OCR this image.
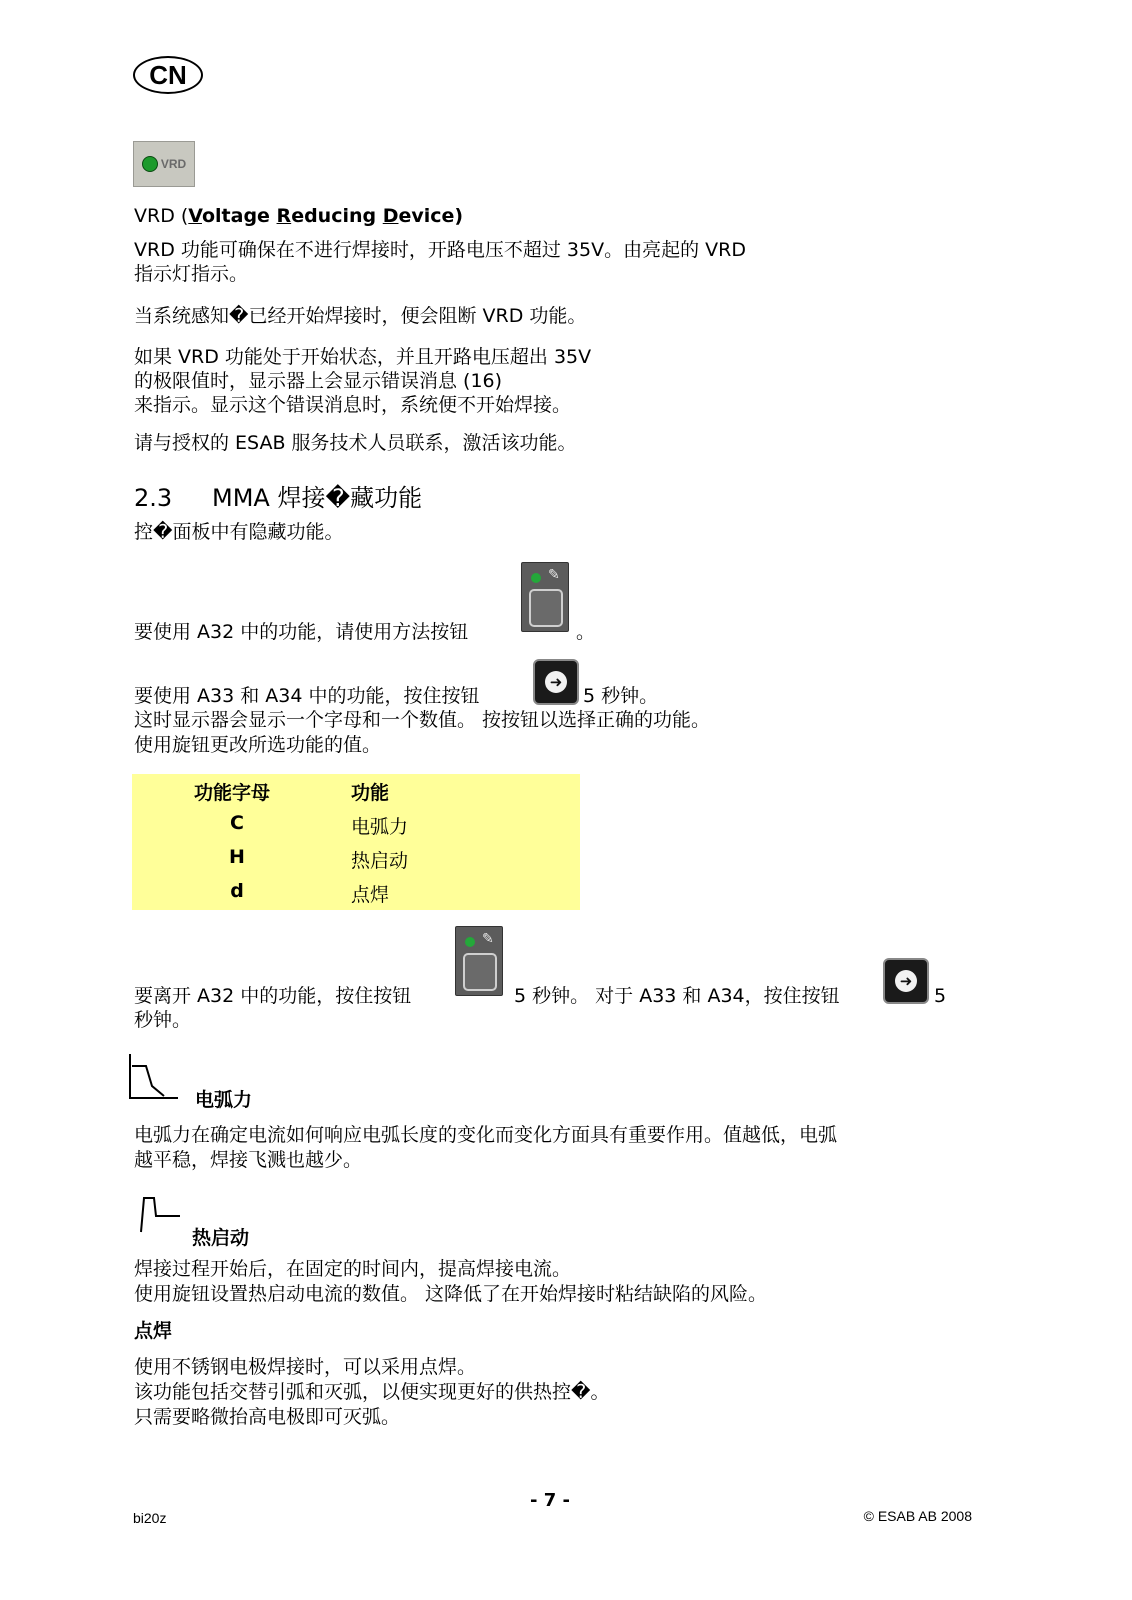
CN
VRD
VRD (Voltage Reducing Device)
VRD 功能可确保在不进行焊接时，开路电压不超过 35V。由亮起的 VRD
指示灯指示。
当系统感知�已经开始焊接时，便会阻断 VRD 功能。
如果 VRD 功能处于开始状态，并且开路电压超出 35V
的极限值时，显示器上会显示错误消息 (16)
来指示。显示这个错误消息时，系统便不开始焊接。
请与授权的 ESAB 服务技术人员联系，激活该功能。
2.3 MMA 焊接�藏功能
控�面板中有隐藏功能。
✎
要使用 A32 中的功能，请使用方法按钮	。
➜
要使用 A33 和 A34 中的功能，按住按钮	5 秒钟。
这时显示器会显示一个字母和一个数值。 按按钮以选择正确的功能。
使用旋钮更改所选功能的值。
功能字母	功能
C	电弧力
H	热启动
d	点焊
✎
➜
要离开 A32 中的功能，按住按钮	5 秒钟。 对于 A33 和 A34，按住按钮	5
秒钟。
电弧力
电弧力在确定电流如何响应电弧长度的变化而变化方面具有重要作用。值越低，电弧
越平稳，焊接飞溅也越少。
热启动
焊接过程开始后，在固定的时间内，提高焊接电流。
使用旋钮设置热启动电流的数值。 这降低了在开始焊接时粘结缺陷的风险。
点焊
使用不锈钢电极焊接时，可以采用点焊。
该功能包括交替引弧和灭弧，以便实现更好的供热控�。
只需要略微抬高电极即可灭弧。
- 7 -
bi20z	© ESAB AB 2008
